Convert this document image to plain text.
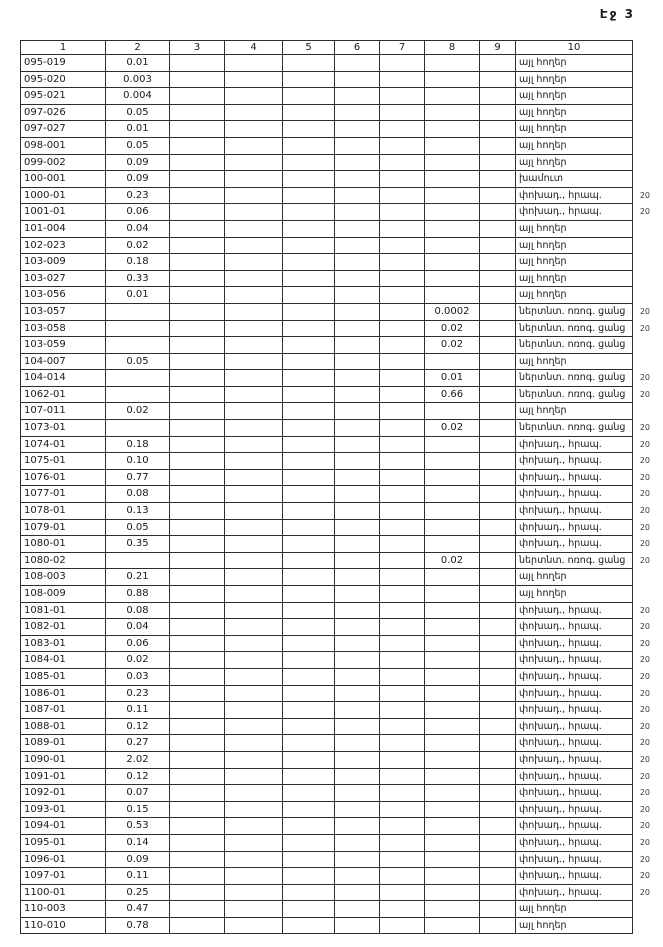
Էջ 3
1	2	3	4	5	6	7	8	9	10
095-019	0.01								այլ հողեր
095-020	0.003								այլ հողեր
095-021	0.004								այլ հողեր
097-026	0.05								այլ հողեր
097-027	0.01								այլ հողեր
098-001	0.05								այլ հողեր
099-002	0.09								այլ հողեր
100-001	0.09								խամուտ
1000-01	0.23								փոխադ., հրապ. 20

1001-01	0.06								փոխադ., հրապ. 20

101-004	0.04								այլ հողեր
102-023	0.02								այլ հողեր
103-009	0.18								այլ հողեր
103-027	0.33								այլ հողեր
103-056	0.01								այլ հողեր
103-057							0.0002		ներտնտ. ոռոգ. ցանց 20

103-058							0.02		ներտնտ. ոռոգ. ցանց 20

103-059							0.02		ներտնտ. ոռոգ. ցանց
104-007	0.05								այլ հողեր
104-014							0.01		ներտնտ. ոռոգ. ցանց 20

1062-01							0.66		ներտնտ. ոռոգ. ցանց 20

107-011	0.02								այլ հողեր
1073-01							0.02		ներտնտ. ոռոգ. ցանց 20

1074-01	0.18								փոխադ., հրապ. 20

1075-01	0.10								փոխադ., հրապ. 20

1076-01	0.77								փոխադ., հրապ. 20

1077-01	0.08								փոխադ., հրապ. 20

1078-01	0.13								փոխադ., հրապ. 20

1079-01	0.05								փոխադ., հրապ. 20

1080-01	0.35								փոխադ., հրապ. 20

1080-02							0.02		ներտնտ. ոռոգ. ցանց 20

108-003	0.21								այլ հողեր
108-009	0.88								այլ հողեր
1081-01	0.08								փոխադ., հրապ. 20

1082-01	0.04								փոխադ., հրապ. 20

1083-01	0.06								փոխադ., հրապ. 20

1084-01	0.02								փոխադ., հրապ. 20

1085-01	0.03								փոխադ., հրապ. 20

1086-01	0.23								փոխադ., հրապ. 20

1087-01	0.11								փոխադ., հրապ. 20

1088-01	0.12								փոխադ., հրապ. 20

1089-01	0.27								փոխադ., հրապ. 20

1090-01	2.02								փոխադ., հրապ. 20

1091-01	0.12								փոխադ., հրապ. 20

1092-01	0.07								փոխադ., հրապ. 20

1093-01	0.15								փոխադ., հրապ. 20

1094-01	0.53								փոխադ., հրապ. 20

1095-01	0.14								փոխադ., հրապ. 20

1096-01	0.09								փոխադ., հրապ. 20

1097-01	0.11								փոխադ., հրապ. 20

1100-01	0.25								փոխադ., հրապ. 20

110-003	0.47								այլ հողեր
110-010	0.78								այլ հողեր
